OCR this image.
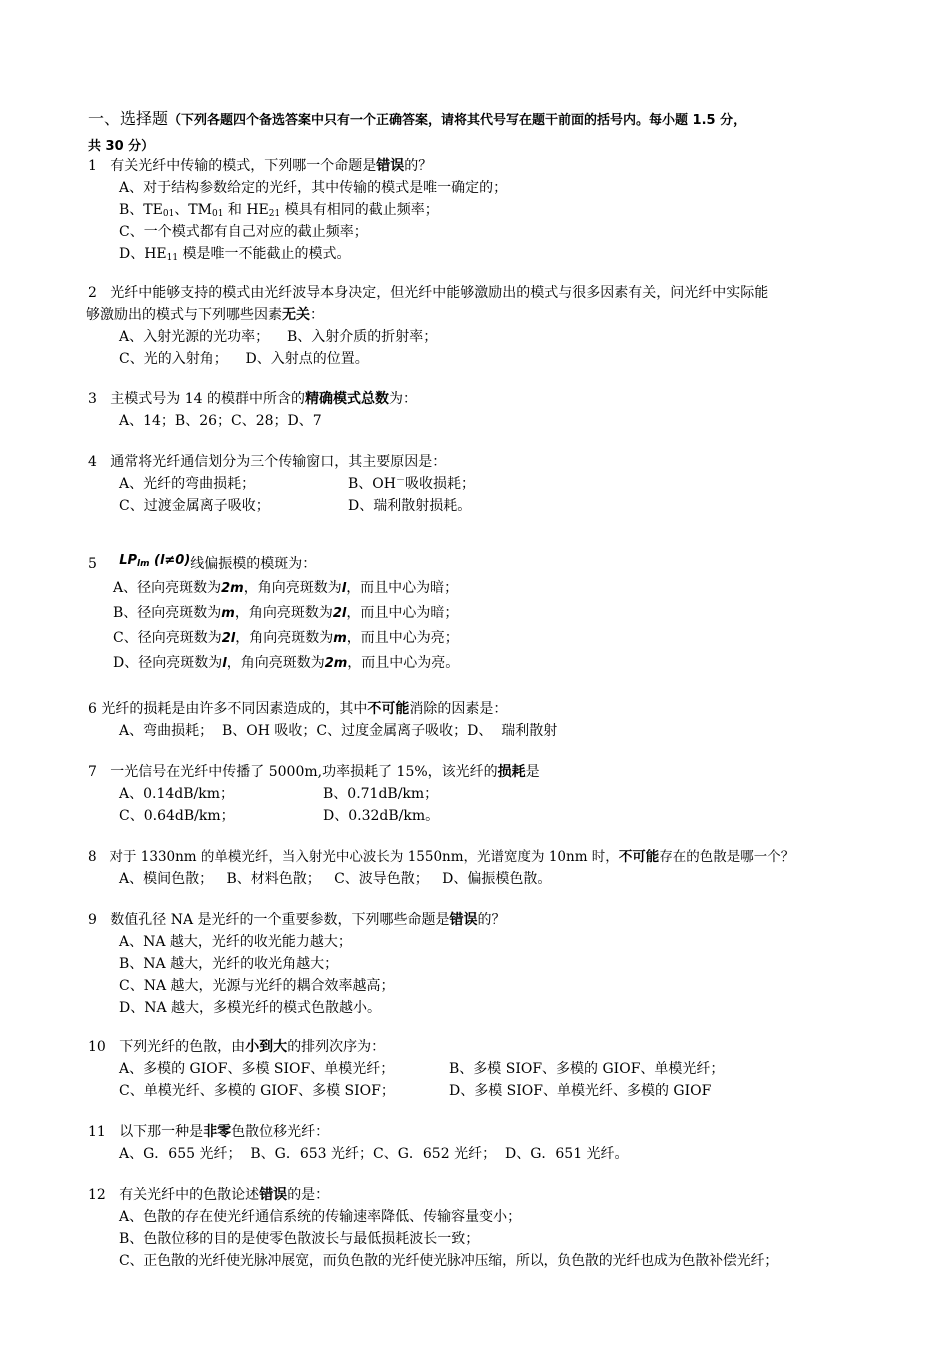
一、选择题（下列各题四个备选答案中只有一个正确答案，请将其代号写在题干前面的括号内。每小题 1.5 分，
共 30 分）
1 有关光纤中传输的模式，下列哪一个命题是错误的？
A、对于结构参数给定的光纤，其中传输的模式是唯一确定的；
B、$TE_{01}$、$TM_{01}$ 和 $HE_{21}$ 模具有相同的截止频率；
C、一个模式都有自己对应的截止频率；
D、$HE_{11}$ 模是唯一不能截止的模式。
2 光纤中能够支持的模式由光纤波导本身决定，但光纤中能够激励出的模式与很多因素有关，问光纤中实际能
够激励出的模式与下列哪些因素无关：
A、入射光源的光功率； B、入射介质的折射率；
C、光的入射角； D、入射点的位置。
3 主模式号为 14 的模群中所含的精确模式总数为：
A、14；B、26；C、28；D、7
4 通常将光纤通信划分为三个传输窗口，其主要原因是：
A、光纤的弯曲损耗；	B、OH－吸收损耗；
C、过渡金属离子吸收；	D、瑞利散射损耗。
5 $LP_{lm}$ (l≠0)线偏振模的模斑为：
A、径向亮斑数为2m，角向亮斑数为l，而且中心为暗；
B、径向亮斑数为m，角向亮斑数为2l，而且中心为暗；
C、径向亮斑数为2l，角向亮斑数为m，而且中心为亮；
D、径向亮斑数为l，角向亮斑数为2m，而且中心为亮。
6 光纤的损耗是由许多不同因素造成的，其中不可能消除的因素是：
A、弯曲损耗；  B、OH 吸收；C、过度金属离子吸收；D、  瑞利散射
7 一光信号在光纤中传播了 5000m,功率损耗了 15%，该光纤的损耗是
A、0.14dB/km；	B、0.71dB/km；
C、0.64dB/km；	D、0.32dB/km。
8 对于 1330nm 的单模光纤，当入射光中心波长为 1550nm，光谱宽度为 10nm 时，不可能存在的色散是哪一个？
A、模间色散；   B、材料色散；   C、波导色散；   D、偏振模色散。
9 数值孔径 NA 是光纤的一个重要参数，下列哪些命题是错误的？
A、NA 越大，光纤的收光能力越大；
B、NA 越大，光纤的收光角越大；
C、NA 越大，光源与光纤的耦合效率越高；
D、NA 越大，多模光纤的模式色散越小。
10 下列光纤的色散，由小到大的排列次序为：
A、多模的 GIOF、多模 SIOF、单模光纤；	B、多模 SIOF、多模的 GIOF、单模光纤；
C、单模光纤、多模的 GIOF、多模 SIOF；	D、多模 SIOF、单模光纤、多模的 GIOF
11 以下那一种是非零色散位移光纤：
A、G．655 光纤；  B、G．653 光纤；C、G．652 光纤；  D、G．651 光纤。
12 有关光纤中的色散论述错误的是：
A、色散的存在使光纤通信系统的传输速率降低、传输容量变小；
B、色散位移的目的是使零色散波长与最低损耗波长一致；
C、正色散的光纤使光脉冲展宽，而负色散的光纤使光脉冲压缩，所以，负色散的光纤也成为色散补偿光纤；
